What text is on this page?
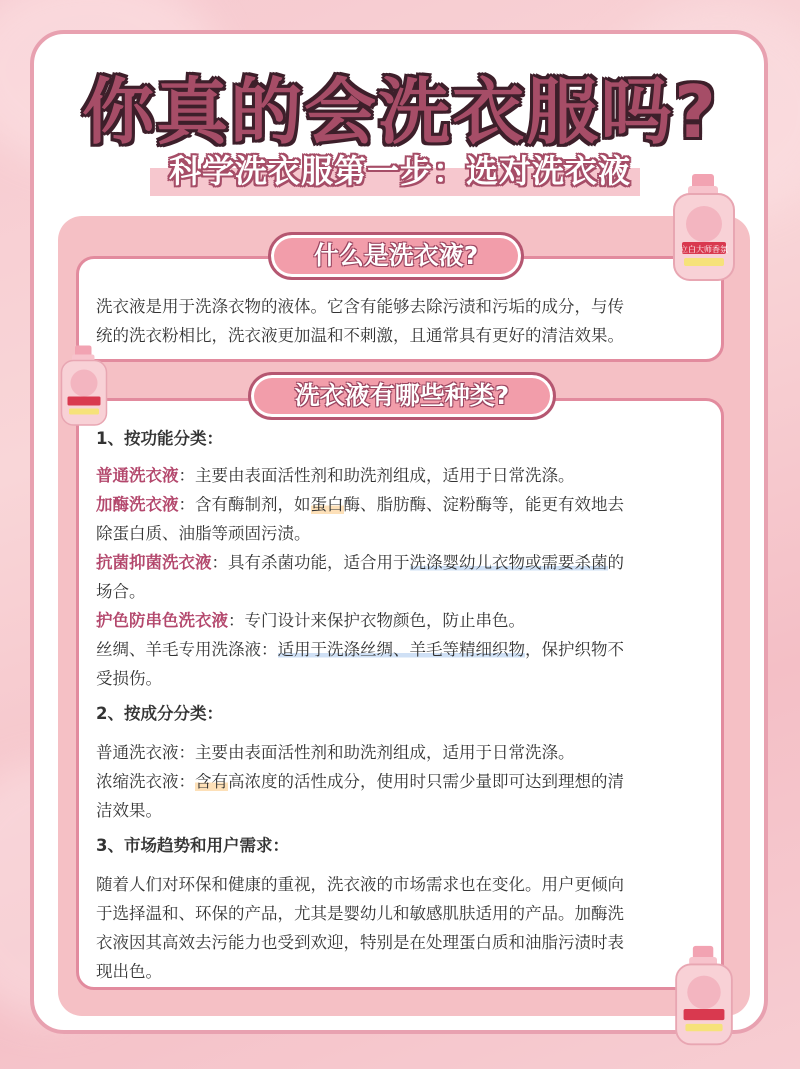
你真的会洗衣服吗?
科学洗衣服第一步：选对洗衣液
什么是洗衣液?
洗衣液是用于洗涤衣物的液体。它含有能够去除污渍和污垢的成分，与传
统的洗衣粉相比，洗衣液更加温和不刺激，且通常具有更好的清洁效果。
洗衣液有哪些种类?
1、按功能分类：
普通洗衣液：主要由表面活性剂和助洗剂组成，适用于日常洗涤。
加酶洗衣液：含有酶制剂，如蛋白酶、脂肪酶、淀粉酶等，能更有效地去
除蛋白质、油脂等顽固污渍。
抗菌抑菌洗衣液：具有杀菌功能，适合用于洗涤婴幼儿衣物或需要杀菌的
场合。
护色防串色洗衣液：专门设计来保护衣物颜色，防止串色。
丝绸、羊毛专用洗涤液：适用于洗涤丝绸、羊毛等精细织物，保护织物不
受损伤。
2、按成分分类：
普通洗衣液：主要由表面活性剂和助洗剂组成，适用于日常洗涤。
浓缩洗衣液：含有高浓度的活性成分，使用时只需少量即可达到理想的清
洁效果。
3、市场趋势和用户需求：
随着人们对环保和健康的重视，洗衣液的市场需求也在变化。用户更倾向
于选择温和、环保的产品，尤其是婴幼儿和敏感肌肤适用的产品。加酶洗
衣液因其高效去污能力也受到欢迎，特别是在处理蛋白质和油脂污渍时表
现出色。
立白大师香氛
